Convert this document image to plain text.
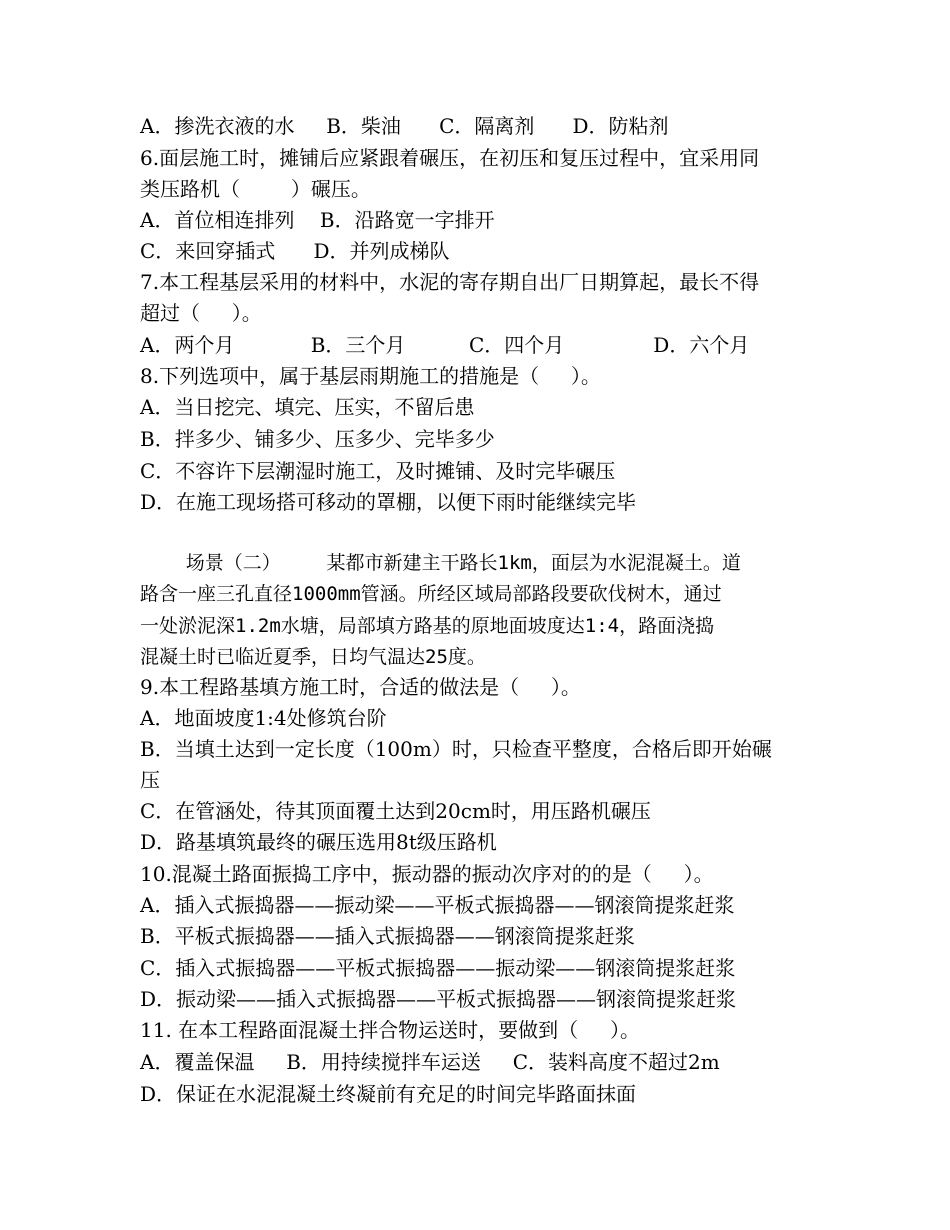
A．掺洗衣液的水     B．柴油      C．隔离剂      D．防粘剂
6.面层施工时，摊铺后应紧跟着碾压，在初压和复压过程中，宜采用同
类压路机（        ）碾压。
A．首位相连排列    B．沿路宽一字排开
C．来回穿插式      D．并列成梯队
7.本工程基层采用的材料中，水泥的寄存期自出厂日期算起，最长不得
超过（     ）。
A．两个月            B．三个月          C．四个月              D．六个月
8.下列选项中，属于基层雨期施工的措施是（     ）。
A．当日挖完、填完、压实，不留后患
B．拌多少、铺多少、压多少、完毕多少
C．不容许下层潮湿时施工，及时摊铺、及时完毕碾压
D．在施工现场搭可移动的罩棚，以便下雨时能继续完毕
场景（二）    某都市新建主干路长1km，面层为水泥混凝土。道
路含一座三孔直径1000mm管涵。所经区域局部路段要砍伐树木，通过
一处淤泥深1.2m水塘，局部填方路基的原地面坡度达1:4，路面浇捣
混凝土时已临近夏季，日均气温达25度。
9.本工程路基填方施工时，合适的做法是（     ）。
A．地面坡度1:4处修筑台阶
B．当填土达到一定长度（100m）时，只检查平整度，合格后即开始碾
压
C．在管涵处，待其顶面覆土达到20cm时，用压路机碾压
D．路基填筑最终的碾压选用8t级压路机
10.混凝土路面振捣工序中，振动器的振动次序对的的是（     ）。
A．插入式振捣器——振动梁——平板式振捣器——钢滚筒提浆赶浆
B．平板式振捣器——插入式振捣器——钢滚筒提浆赶浆
C．插入式振捣器——平板式振捣器——振动梁——钢滚筒提浆赶浆
D．振动梁——插入式振捣器——平板式振捣器——钢滚筒提浆赶浆
11. 在本工程路面混凝土拌合物运送时，要做到（     ）。
A．覆盖保温     B．用持续搅拌车运送     C．装料高度不超过2m
D．保证在水泥混凝土终凝前有充足的时间完毕路面抹面
